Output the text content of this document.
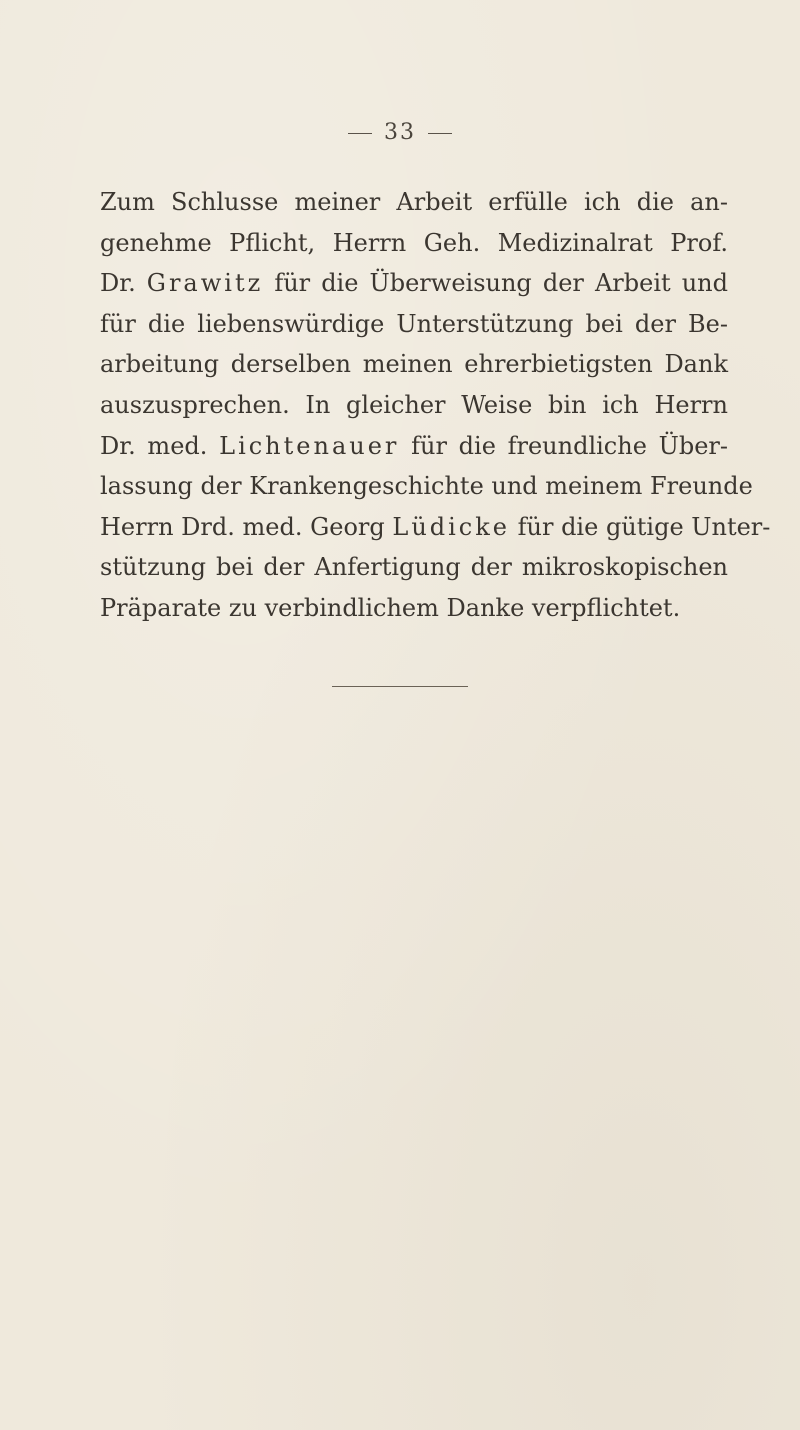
33
Zum Schlusse meiner Arbeit erfülle ich die an-
genehme Pflicht, Herrn Geh. Medizinalrat Prof.
Dr. Grawitz für die Überweisung der Arbeit und
für die liebenswürdige Unterstützung bei der Be-
arbeitung derselben meinen ehrerbietigsten Dank
auszusprechen. In gleicher Weise bin ich Herrn
Dr. med. Lichtenauer für die freundliche Über-
lassung der Krankengeschichte und meinem Freunde
Herrn Drd. med. Georg Lüdicke für die gütige Unter-
stützung bei der Anfertigung der mikroskopischen
Präparate zu verbindlichem Danke verpflichtet.
